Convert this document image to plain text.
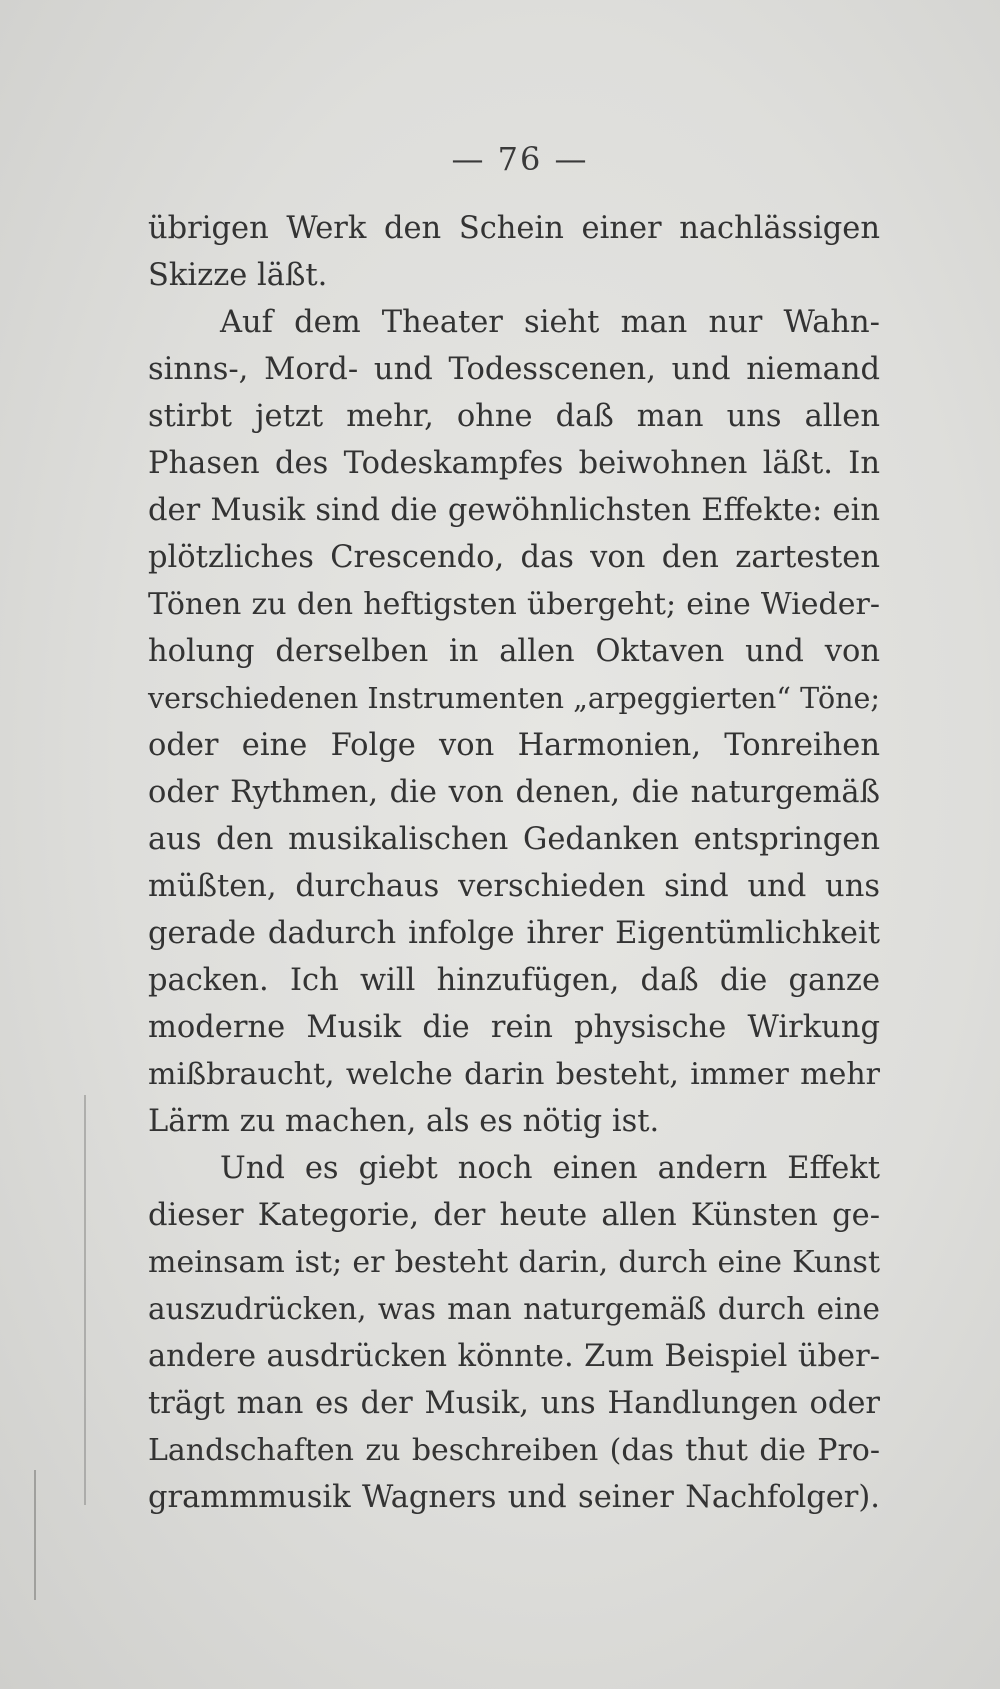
— 76 —
übrigen Werk den Schein einer nachlässigen
Skizze läßt.
Auf dem Theater sieht man nur Wahn-
sinns-, Mord- und Todesscenen, und niemand
stirbt jetzt mehr, ohne daß man uns allen
Phasen des Todeskampfes beiwohnen läßt. In
der Musik sind die gewöhnlichsten Effekte: ein
plötzliches Crescendo, das von den zartesten
Tönen zu den heftigsten übergeht; eine Wieder-
holung derselben in allen Oktaven und von
verschiedenen Instrumenten „arpeggierten“ Töne;
oder eine Folge von Harmonien, Tonreihen
oder Rythmen, die von denen, die naturgemäß
aus den musikalischen Gedanken entspringen
müßten, durchaus verschieden sind und uns
gerade dadurch infolge ihrer Eigentümlichkeit
packen. Ich will hinzufügen, daß die ganze
moderne Musik die rein physische Wirkung
mißbraucht, welche darin besteht, immer mehr
Lärm zu machen, als es nötig ist.
Und es giebt noch einen andern Effekt
dieser Kategorie, der heute allen Künsten ge-
meinsam ist; er besteht darin, durch eine Kunst
auszudrücken, was man naturgemäß durch eine
andere ausdrücken könnte. Zum Beispiel über-
trägt man es der Musik, uns Handlungen oder
Landschaften zu beschreiben (das thut die Pro-
grammmusik Wagners und seiner Nachfolger).
